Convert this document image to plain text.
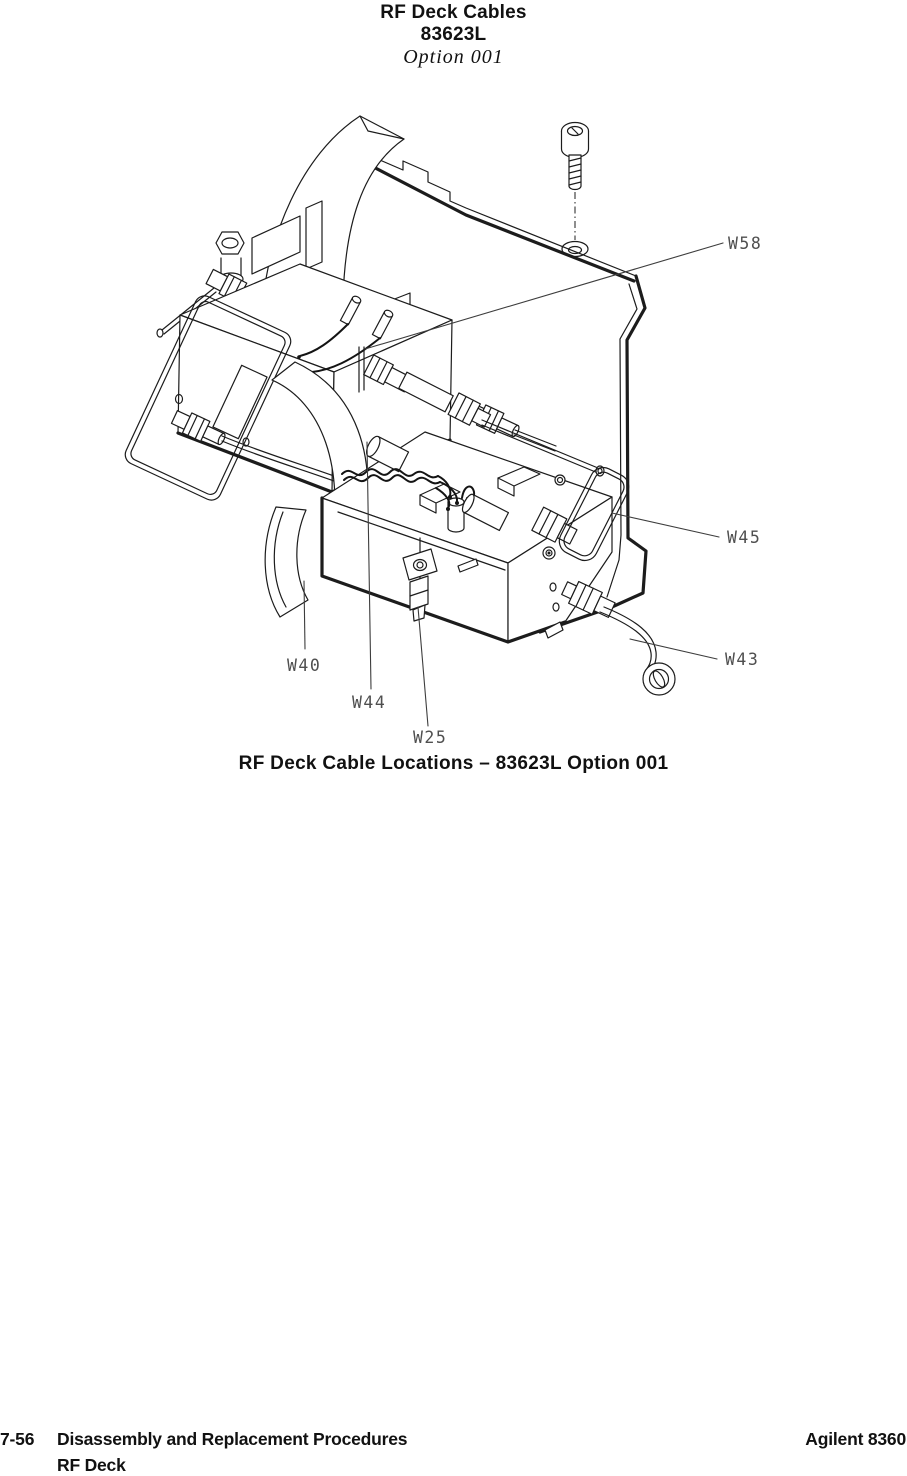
RF Deck Cables
83623L
Option 001
W58
W45
W43
W40
W44
W25
RF Deck Cable Locations – 83623L Option 001
7-56 Disassembly and Replacement Procedures	Agilent 8360
RF Deck
